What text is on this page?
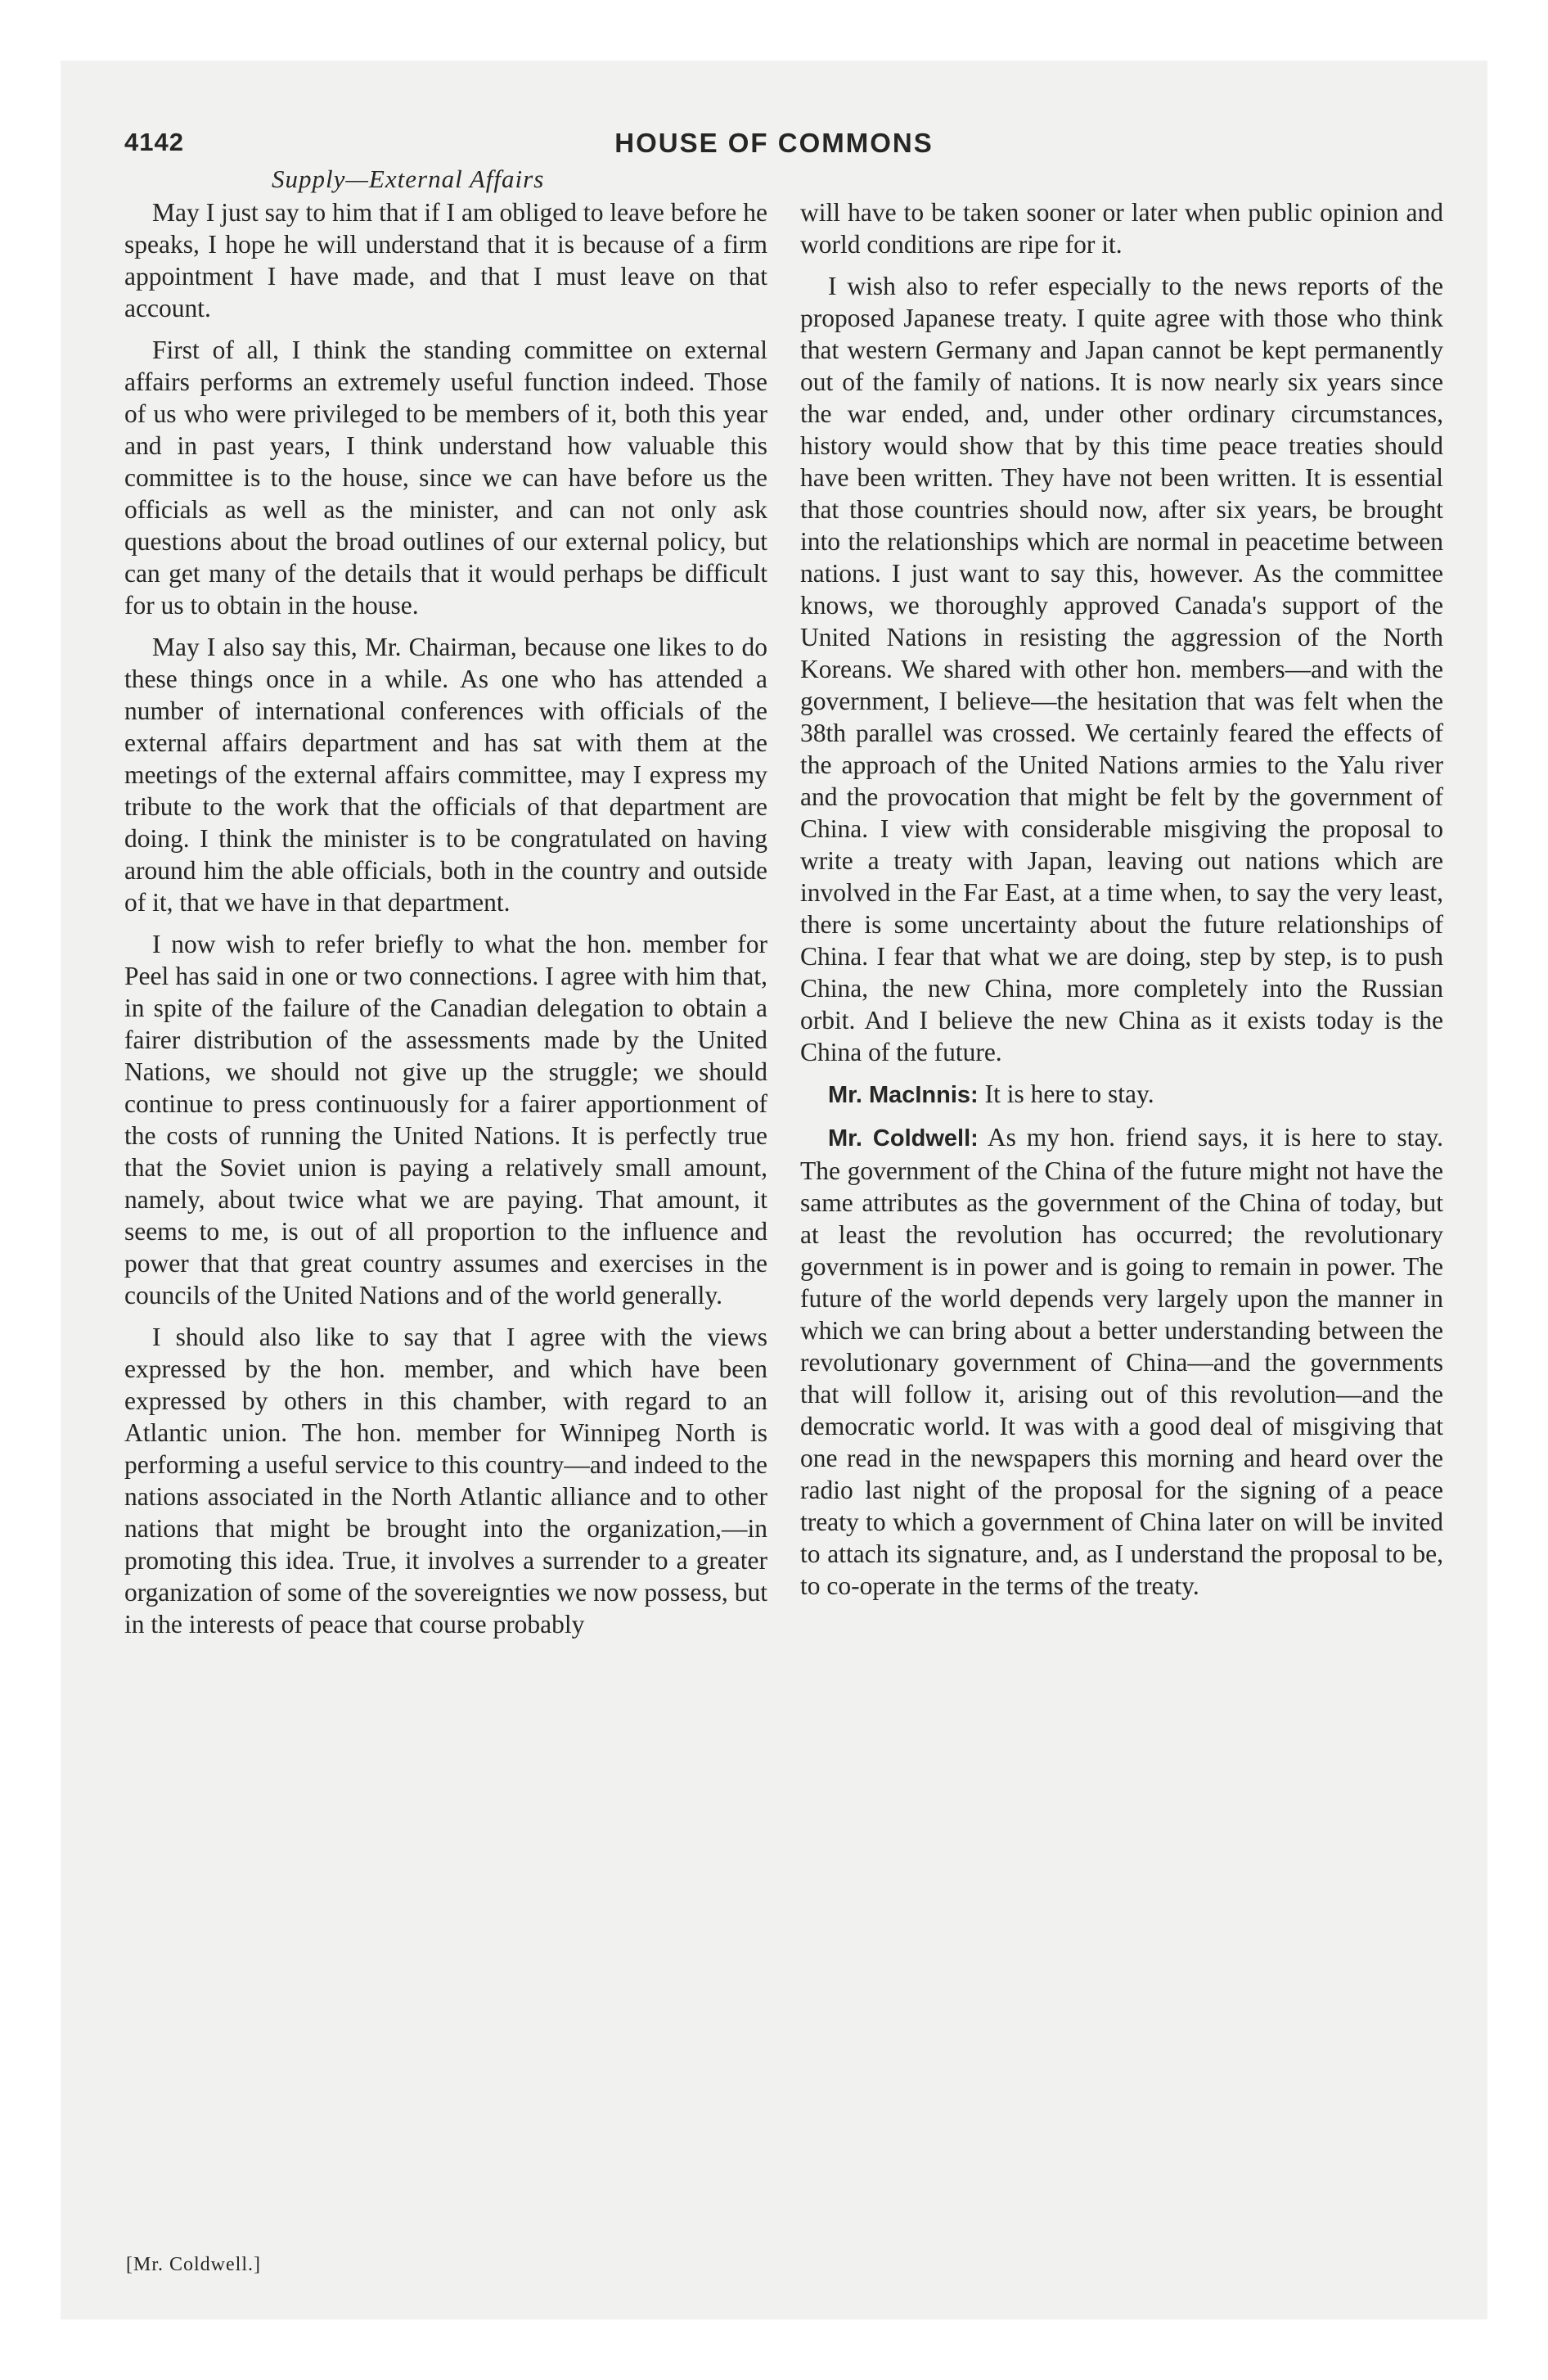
4142	HOUSE OF COMMONS
Supply—External Affairs

May I just say to him that if I am obliged to leave before he speaks, I hope he will understand that it is because of a firm appointment I have made, and that I must leave on that account.

First of all, I think the standing committee on external affairs performs an extremely useful function indeed. Those of us who were privileged to be members of it, both this year and in past years, I think understand how valuable this committee is to the house, since we can have before us the officials as well as the minister, and can not only ask questions about the broad outlines of our external policy, but can get many of the details that it would perhaps be difficult for us to obtain in the house.

May I also say this, Mr. Chairman, because one likes to do these things once in a while. As one who has attended a number of international conferences with officials of the external affairs department and has sat with them at the meetings of the external affairs committee, may I express my tribute to the work that the officials of that department are doing. I think the minister is to be congratulated on having around him the able officials, both in the country and outside of it, that we have in that department.

I now wish to refer briefly to what the hon. member for Peel has said in one or two connections. I agree with him that, in spite of the failure of the Canadian delegation to obtain a fairer distribution of the assessments made by the United Nations, we should not give up the struggle; we should continue to press continuously for a fairer apportionment of the costs of running the United Nations. It is perfectly true that the Soviet union is paying a relatively small amount, namely, about twice what we are paying. That amount, it seems to me, is out of all proportion to the influence and power that that great country assumes and exercises in the councils of the United Nations and of the world generally.

I should also like to say that I agree with the views expressed by the hon. member, and which have been expressed by others in this chamber, with regard to an Atlantic union. The hon. member for Winnipeg North is performing a useful service to this country—and indeed to the nations associated in the North Atlantic alliance and to other nations that might be brought into the organization,—in promoting this idea. True, it involves a surrender to a greater organization of some of the sovereignties we now possess, but in the interests of peace that course probably

will have to be taken sooner or later when public opinion and world conditions are ripe for it.

I wish also to refer especially to the news reports of the proposed Japanese treaty. I quite agree with those who think that western Germany and Japan cannot be kept permanently out of the family of nations. It is now nearly six years since the war ended, and, under other ordinary circumstances, history would show that by this time peace treaties should have been written. They have not been written. It is essential that those countries should now, after six years, be brought into the relationships which are normal in peacetime between nations. I just want to say this, however. As the committee knows, we thoroughly approved Canada's support of the United Nations in resisting the aggression of the North Koreans. We shared with other hon. members—and with the government, I believe—the hesitation that was felt when the 38th parallel was crossed. We certainly feared the effects of the approach of the United Nations armies to the Yalu river and the provocation that might be felt by the government of China. I view with considerable misgiving the proposal to write a treaty with Japan, leaving out nations which are involved in the Far East, at a time when, to say the very least, there is some uncertainty about the future relationships of China. I fear that what we are doing, step by step, is to push China, the new China, more completely into the Russian orbit. And I believe the new China as it exists today is the China of the future.

Mr. MacInnis: It is here to stay.

Mr. Coldwell: As my hon. friend says, it is here to stay. The government of the China of the future might not have the same attributes as the government of the China of today, but at least the revolution has occurred; the revolutionary government is in power and is going to remain in power. The future of the world depends very largely upon the manner in which we can bring about a better understanding between the revolutionary government of China—and the governments that will follow it, arising out of this revolution—and the democratic world. It was with a good deal of misgiving that one read in the newspapers this morning and heard over the radio last night of the proposal for the signing of a peace treaty to which a government of China later on will be invited to attach its signature, and, as I understand the proposal to be, to co-operate in the terms of the treaty.

[Mr. Coldwell.]
